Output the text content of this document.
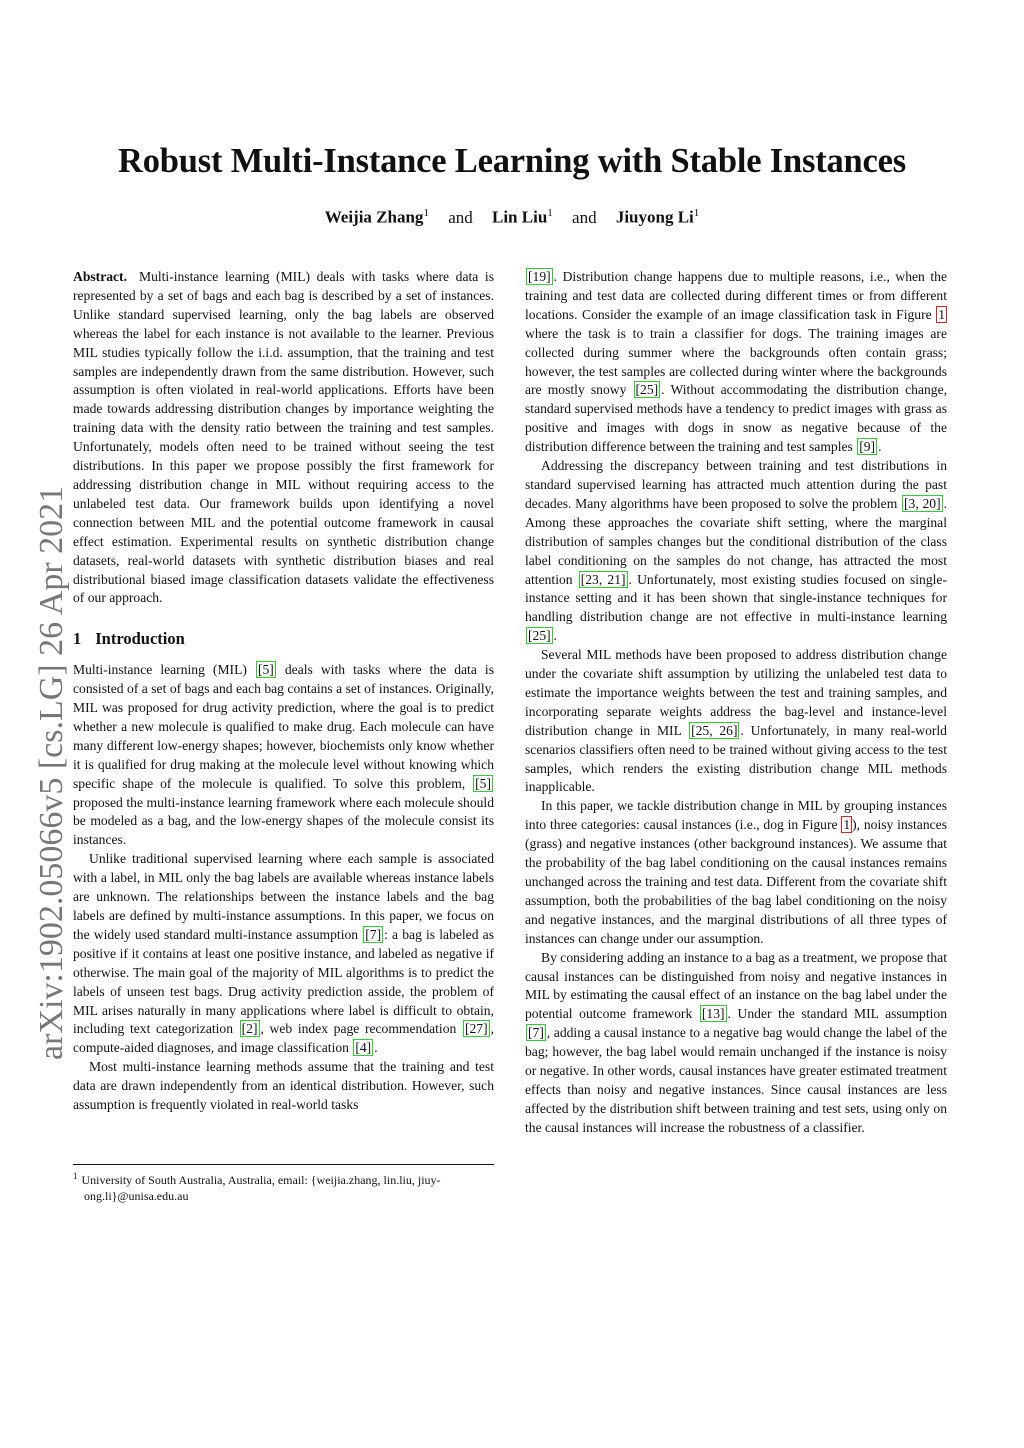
Robust Multi-Instance Learning with Stable Instances
Weijia Zhang$^1$ and Lin Liu$^1$ and Jiuyong Li$^1$
arXiv:1902.05066v5 [cs.LG] 26 Apr 2021

Abstract. Multi-instance learning (MIL) deals with tasks where data is represented by a set of bags and each bag is described by a set of instances. Unlike standard supervised learning, only the bag labels are observed whereas the label for each instance is not available to the learner. Previous MIL studies typically follow the i.i.d. assumption, that the training and test samples are independently drawn from the same distribution. However, such assumption is often violated in real-world applications. Efforts have been made towards addressing distribution changes by importance weighting the training data with the density ratio between the training and test samples. Unfortunately, models often need to be trained without seeing the test distributions. In this paper we propose possibly the first framework for addressing distribution change in MIL without requiring access to the unlabeled test data. Our framework builds upon identifying a novel connection between MIL and the potential outcome framework in causal effect estimation. Experimental results on synthetic distribution change datasets, real-world datasets with synthetic distribution biases and real distributional biased image classification datasets validate the effectiveness of our approach.

1 Introduction

Multi-instance learning (MIL) [5] deals with tasks where the data is consisted of a set of bags and each bag contains a set of instances. Originally, MIL was proposed for drug activity prediction, where the goal is to predict whether a new molecule is qualified to make drug. Each molecule can have many different low-energy shapes; however, biochemists only know whether it is qualified for drug making at the molecule level without knowing which specific shape of the molecule is qualified. To solve this problem, [5] proposed the multi-instance learning framework where each molecule should be modeled as a bag, and the low-energy shapes of the molecule consist its instances.

Unlike traditional supervised learning where each sample is associated with a label, in MIL only the bag labels are available whereas instance labels are unknown. The relationships between the instance labels and the bag labels are defined by multi-instance assumptions. In this paper, we focus on the widely used standard multi-instance assumption [7] : a bag is labeled as positive if it contains at least one positive instance, and labeled as negative if otherwise. The main goal of the majority of MIL algorithms is to predict the labels of unseen test bags. Drug activity prediction asside, the problem of MIL arises naturally in many applications where label is difficult to obtain, including text categorization [2] , web index page recommendation [27] , compute-aided diagnoses, and image classification [4] .

Most multi-instance learning methods assume that the training and test data are drawn independently from an identical distribution. However, such assumption is frequently violated in real-world tasks

[19] . Distribution change happens due to multiple reasons, i.e., when the training and test data are collected during different times or from different locations. Consider the example of an image classification task in Figure 1 where the task is to train a classifier for dogs. The training images are collected during summer where the backgrounds often contain grass; however, the test samples are collected during winter where the backgrounds are mostly snowy [25] . Without accommodating the distribution change, standard supervised methods have a tendency to predict images with grass as positive and images with dogs in snow as negative because of the distribution difference between the training and test samples [9] .

Addressing the discrepancy between training and test distributions in standard supervised learning has attracted much attention during the past decades. Many algorithms have been proposed to solve the problem [3, 20] . Among these approaches the covariate shift setting, where the marginal distribution of samples changes but the conditional distribution of the class label conditioning on the samples do not change, has attracted the most attention [23, 21] . Unfortunately, most existing studies focused on single-instance setting and it has been shown that single-instance techniques for handling distribution change are not effective in multi-instance learning [25] .

Several MIL methods have been proposed to address distribution change under the covariate shift assumption by utilizing the unlabeled test data to estimate the importance weights between the test and training samples, and incorporating separate weights address the bag-level and instance-level distribution change in MIL [25, 26] . Unfortunately, in many real-world scenarios classifiers often need to be trained without giving access to the test samples, which renders the existing distribution change MIL methods inapplicable.

In this paper, we tackle distribution change in MIL by grouping instances into three categories: causal instances (i.e., dog in Figure 1 ), noisy instances (grass) and negative instances (other background instances). We assume that the probability of the bag label conditioning on the causal instances remains unchanged across the training and test data. Different from the covariate shift assumption, both the probabilities of the bag label conditioning on the noisy and negative instances, and the marginal distributions of all three types of instances can change under our assumption.

By considering adding an instance to a bag as a treatment, we propose that causal instances can be distinguished from noisy and negative instances in MIL by estimating the causal effect of an instance on the bag label under the potential outcome framework [13] . Under the standard MIL assumption [7] , adding a causal instance to a negative bag would change the label of the bag; however, the bag label would remain unchanged if the instance is noisy or negative. In other words, causal instances have greater estimated treatment effects than noisy and negative instances. Since causal instances are less affected by the distribution shift between training and test sets, using only on the causal instances will increase the robustness of a classifier.

$^1$ University of South Australia, Australia, email: {weijia.zhang, lin.liu, jiuy-
ong.li}@unisa.edu.au
